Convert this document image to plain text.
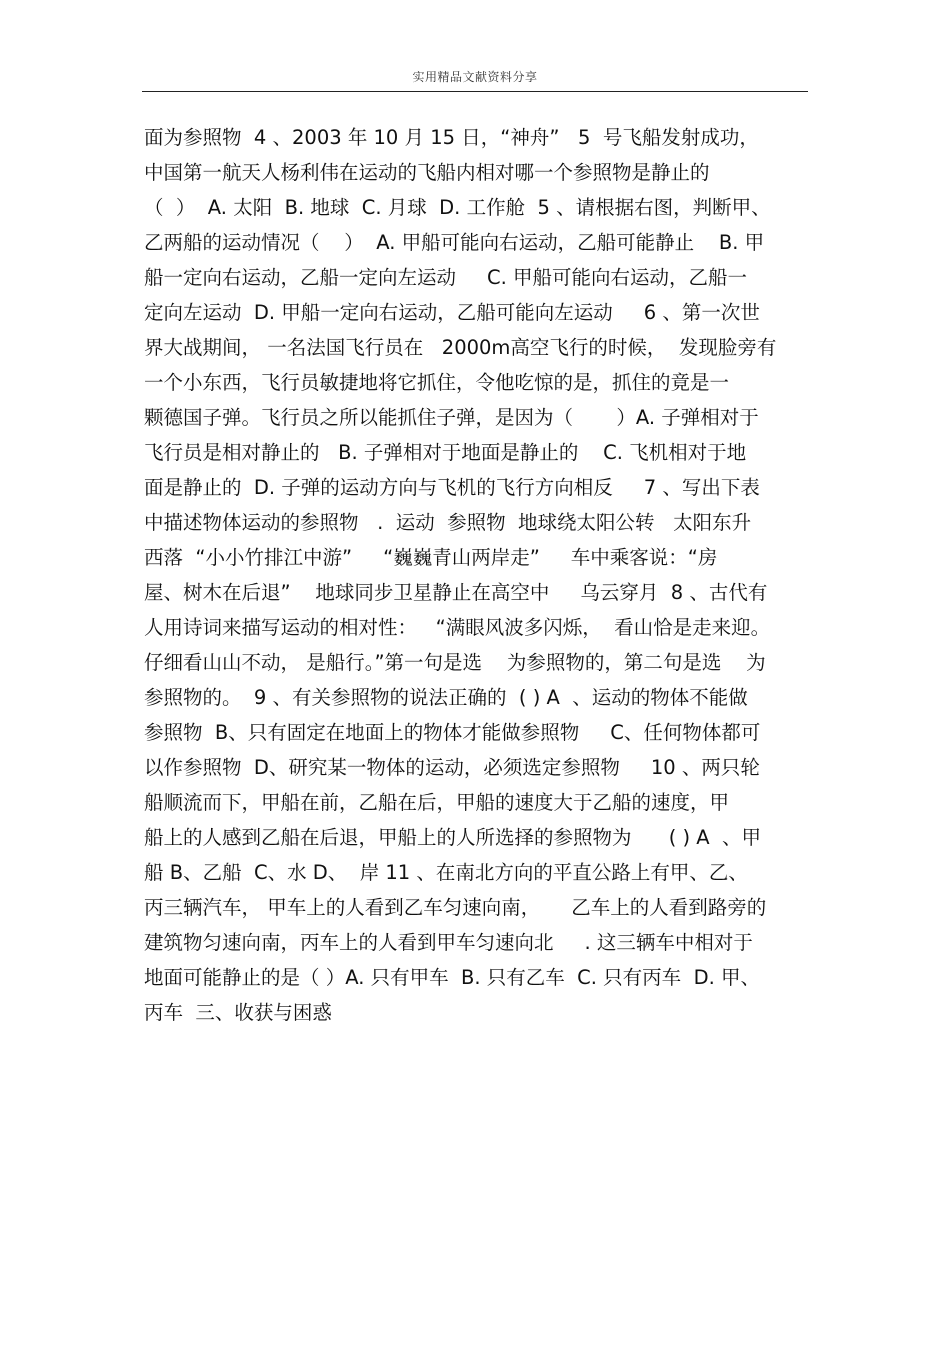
实用精品文献资料分享
面为参照物  4 、2003 年 10 月 15 日，“神舟”   5  号飞船发射成功，
中国第一航天人杨利伟在运动的飞船内相对哪一个参照物是静止的
（  ）  A. 太阳  B. 地球  C. 月球  D. 工作舱  5 、请根据右图，判断甲、
乙两船的运动情况（    ）  A. 甲船可能向右运动，乙船可能静止    B. 甲
船一定向右运动，乙船一定向左运动     C. 甲船可能向右运动，乙船一
定向左运动  D. 甲船一定向右运动，乙船可能向左运动     6 、第一次世
界大战期间， 一名法国飞行员在   2000m高空飞行的时候，  发现脸旁有
一个小东西，飞行员敏捷地将它抓住，令他吃惊的是，抓住的竟是一
颗德国子弹。飞行员之所以能抓住子弹，是因为（       ）A. 子弹相对于
飞行员是相对静止的   B. 子弹相对于地面是静止的    C. 飞机相对于地
面是静止的  D. 子弹的运动方向与飞机的飞行方向相反     7 、写出下表
中描述物体运动的参照物   .  运动  参照物  地球绕太阳公转   太阳东升
西落  “小小竹排江中游”     “巍巍青山两岸走”     车中乘客说：“房
屋、树木在后退”    地球同步卫星静止在高空中     乌云穿月  8 、古代有
人用诗词来描写运动的相对性：   “满眼风波多闪烁，  看山恰是走来迎。
仔细看山山不动， 是船行。”第一句是选    为参照物的，第二句是选    为
参照物的。  9 、有关参照物的说法正确的  ( ) A  、运动的物体不能做
参照物  B、只有固定在地面上的物体才能做参照物     C、任何物体都可
以作参照物  D、研究某一物体的运动，必须选定参照物     10 、两只轮
船顺流而下，甲船在前，乙船在后，甲船的速度大于乙船的速度，甲
船上的人感到乙船在后退，甲船上的人所选择的参照物为      ( ) A  、甲
船 B、乙船  C、水 D、  岸 11 、在南北方向的平直公路上有甲、乙、
丙三辆汽车， 甲车上的人看到乙车匀速向南，     乙车上的人看到路旁的
建筑物匀速向南，丙车上的人看到甲车匀速向北     . 这三辆车中相对于
地面可能静止的是（ ）A. 只有甲车  B. 只有乙车  C. 只有丙车  D. 甲、
丙车  三、收获与困惑
